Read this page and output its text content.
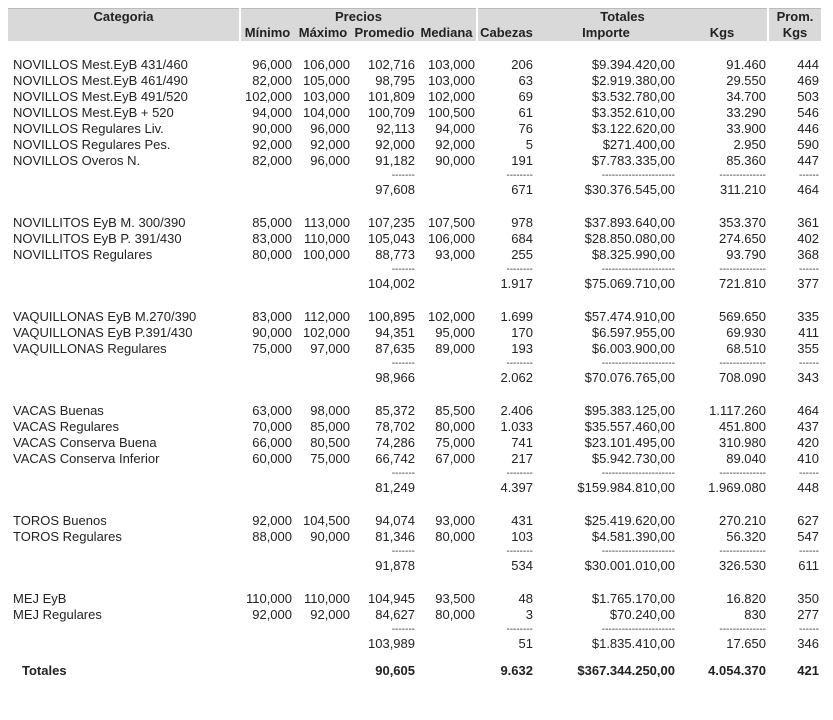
Categoria	Precios				Totales			Prom.
	Mínimo	Máximo	Promedio	Mediana	Cabezas	Importe	Kgs	Kgs

NOVILLOS Mest.EyB 431/460	96,000	106,000	102,716	103,000	206	$9.394.420,00	91.460	444
NOVILLOS Mest.EyB 461/490	82,000	105,000	98,795	103,000	63	$2.919.380,00	29.550	469
NOVILLOS Mest.EyB 491/520	102,000	103,000	101,809	102,000	69	$3.532.780,00	34.700	503
NOVILLOS Mest.EyB + 520	94,000	104,000	100,709	100,500	61	$3.352.610,00	33.290	546
NOVILLOS Regulares Liv.	90,000	96,000	92,113	94,000	76	$3.122.620,00	33.900	446
NOVILLOS Regulares Pes.	92,000	92,000	92,000	92,000	5	$271.400,00	2.950	590
NOVILLOS Overos N.	82,000	96,000	91,182	90,000	191	$7.783.335,00	85.360	447
			-------		--------	----------------------	--------------	------
			97,608		671	$30.376.545,00	311.210	464

NOVILLITOS EyB M. 300/390	85,000	113,000	107,235	107,500	978	$37.893.640,00	353.370	361
NOVILLITOS EyB P. 391/430	83,000	110,000	105,043	106,000	684	$28.850.080,00	274.650	402
NOVILLITOS Regulares	80,000	100,000	88,773	93,000	255	$8.325.990,00	93.790	368
			-------		--------	----------------------	--------------	------
			104,002		1.917	$75.069.710,00	721.810	377

VAQUILLONAS EyB M.270/390	83,000	112,000	100,895	102,000	1.699	$57.474.910,00	569.650	335
VAQUILLONAS EyB P.391/430	90,000	102,000	94,351	95,000	170	$6.597.955,00	69.930	411
VAQUILLONAS Regulares	75,000	97,000	87,635	89,000	193	$6.003.900,00	68.510	355
			-------		--------	----------------------	--------------	------
			98,966		2.062	$70.076.765,00	708.090	343

VACAS Buenas	63,000	98,000	85,372	85,500	2.406	$95.383.125,00	1.117.260	464
VACAS Regulares	70,000	85,000	78,702	80,000	1.033	$35.557.460,00	451.800	437
VACAS Conserva Buena	66,000	80,500	74,286	75,000	741	$23.101.495,00	310.980	420
VACAS Conserva Inferior	60,000	75,000	66,742	67,000	217	$5.942.730,00	89.040	410
			-------		--------	----------------------	--------------	------
			81,249		4.397	$159.984.810,00	1.969.080	448

TOROS Buenos	92,000	104,500	94,074	93,000	431	$25.419.620,00	270.210	627
TOROS Regulares	88,000	90,000	81,346	80,000	103	$4.581.390,00	56.320	547
			-------		--------	----------------------	--------------	------
			91,878		534	$30.001.010,00	326.530	611

MEJ EyB	110,000	110,000	104,945	93,500	48	$1.765.170,00	16.820	350
MEJ Regulares	92,000	92,000	84,627	80,000	3	$70.240,00	830	277
			-------		--------	----------------------	--------------	------
			103,989		51	$1.835.410,00	17.650	346
Totales			90,605		9.632	$367.344.250,00	4.054.370	421
